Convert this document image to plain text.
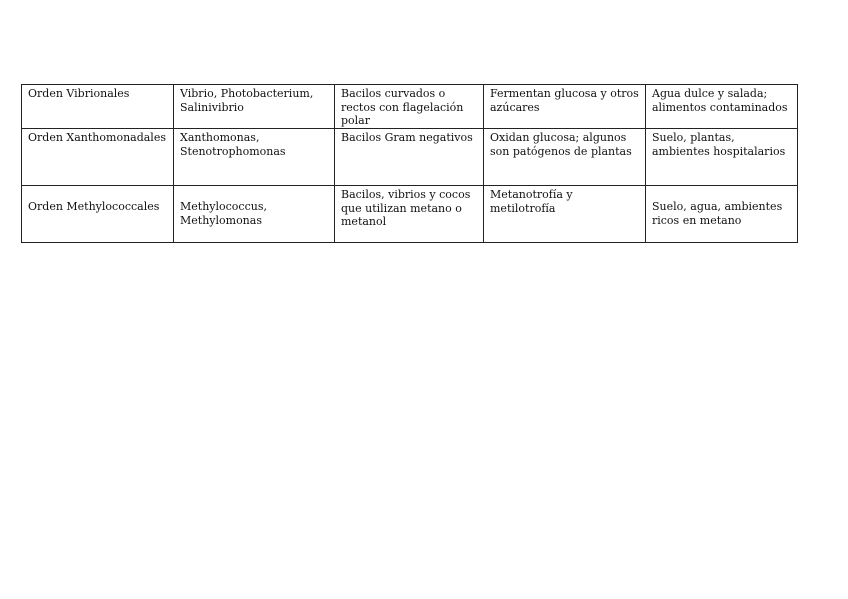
Orden Vibrionales	Vibrio, Photobacterium, Salinivibrio	Bacilos curvados o rectos con flagelación polar	Fermentan glucosa y otros azúcares	Agua dulce y salada; alimentos contaminados
Orden Xanthomonadales	Xanthomonas, Stenotrophomonas	Bacilos Gram negativos	Oxidan glucosa; algunos son patógenos de plantas	Suelo, plantas, ambientes hospitalarios

Orden Methylococcales	Methylococcus, Methylomonas	Bacilos, vibrios y cocos que utilizan metano o metanol	Metanotrofía y metilotrofía	Suelo, agua, ambientes ricos en metano
